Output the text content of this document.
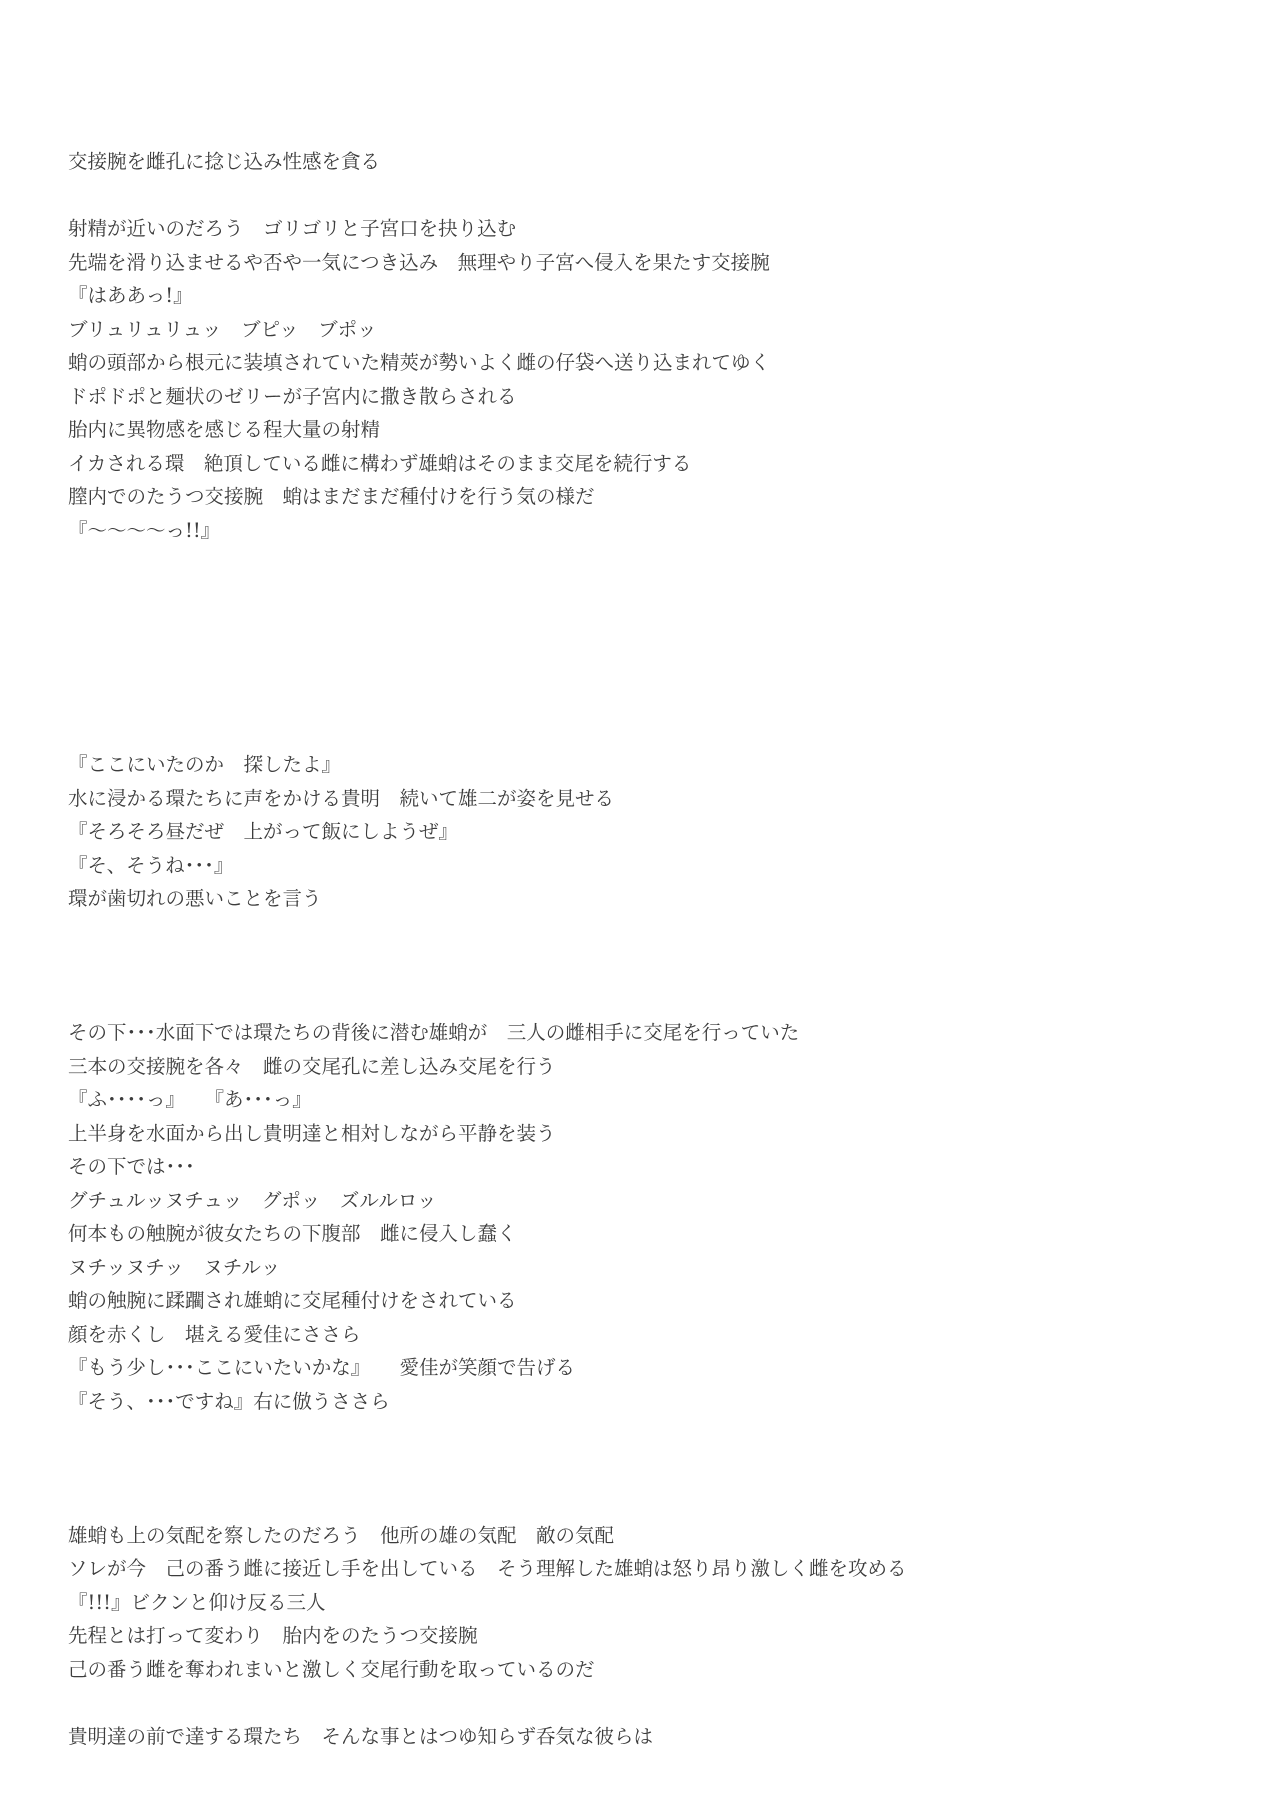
交接腕を雌孔に捻じ込み性感を貪る
射精が近いのだろう　ゴリゴリと子宮口を抉り込む
先端を滑り込ませるや否や一気につき込み　無理やり子宮へ侵入を果たす交接腕
『はああっ!』
ブリュリュリュッ　ブピッ　ブポッ
蛸の頭部から根元に装填されていた精莢が勢いよく雌の仔袋へ送り込まれてゆく
ドポドポと麺状のゼリーが子宮内に撒き散らされる
胎内に異物感を感じる程大量の射精
イカされる環　絶頂している雌に構わず雄蛸はそのまま交尾を続行する
膣内でのたうつ交接腕　蛸はまだまだ種付けを行う気の様だ
『～～～～っ!!』
『ここにいたのか　探したよ』
水に浸かる環たちに声をかける貴明　続いて雄二が姿を見せる
『そろそろ昼だぜ　上がって飯にしようぜ』
『そ、そうね･･･』
環が歯切れの悪いことを言う
その下･･･水面下では環たちの背後に潜む雄蛸が　三人の雌相手に交尾を行っていた
三本の交接腕を各々　雌の交尾孔に差し込み交尾を行う
『ふ････っ』　　『あ･･･っ』
上半身を水面から出し貴明達と相対しながら平静を装う
その下では･･･
グチュルッヌチュッ　グポッ　ズルルロッ
何本もの触腕が彼女たちの下腹部　雌に侵入し蠢く
ヌチッヌチッ　ヌチルッ
蛸の触腕に蹂躙され雄蛸に交尾種付けをされている
顔を赤くし　堪える愛佳にささら
『もう少し･･･ここにいたいかな』　　愛佳が笑顔で告げる
『そう、･･･ですね』右に倣うささら
雄蛸も上の気配を察したのだろう　他所の雄の気配　敵の気配
ソレが今　己の番う雌に接近し手を出している　そう理解した雄蛸は怒り昂り激しく雌を攻める
『!!!』ビクンと仰け反る三人
先程とは打って変わり　胎内をのたうつ交接腕
己の番う雌を奪われまいと激しく交尾行動を取っているのだ
貴明達の前で達する環たち　そんな事とはつゆ知らず呑気な彼らは
